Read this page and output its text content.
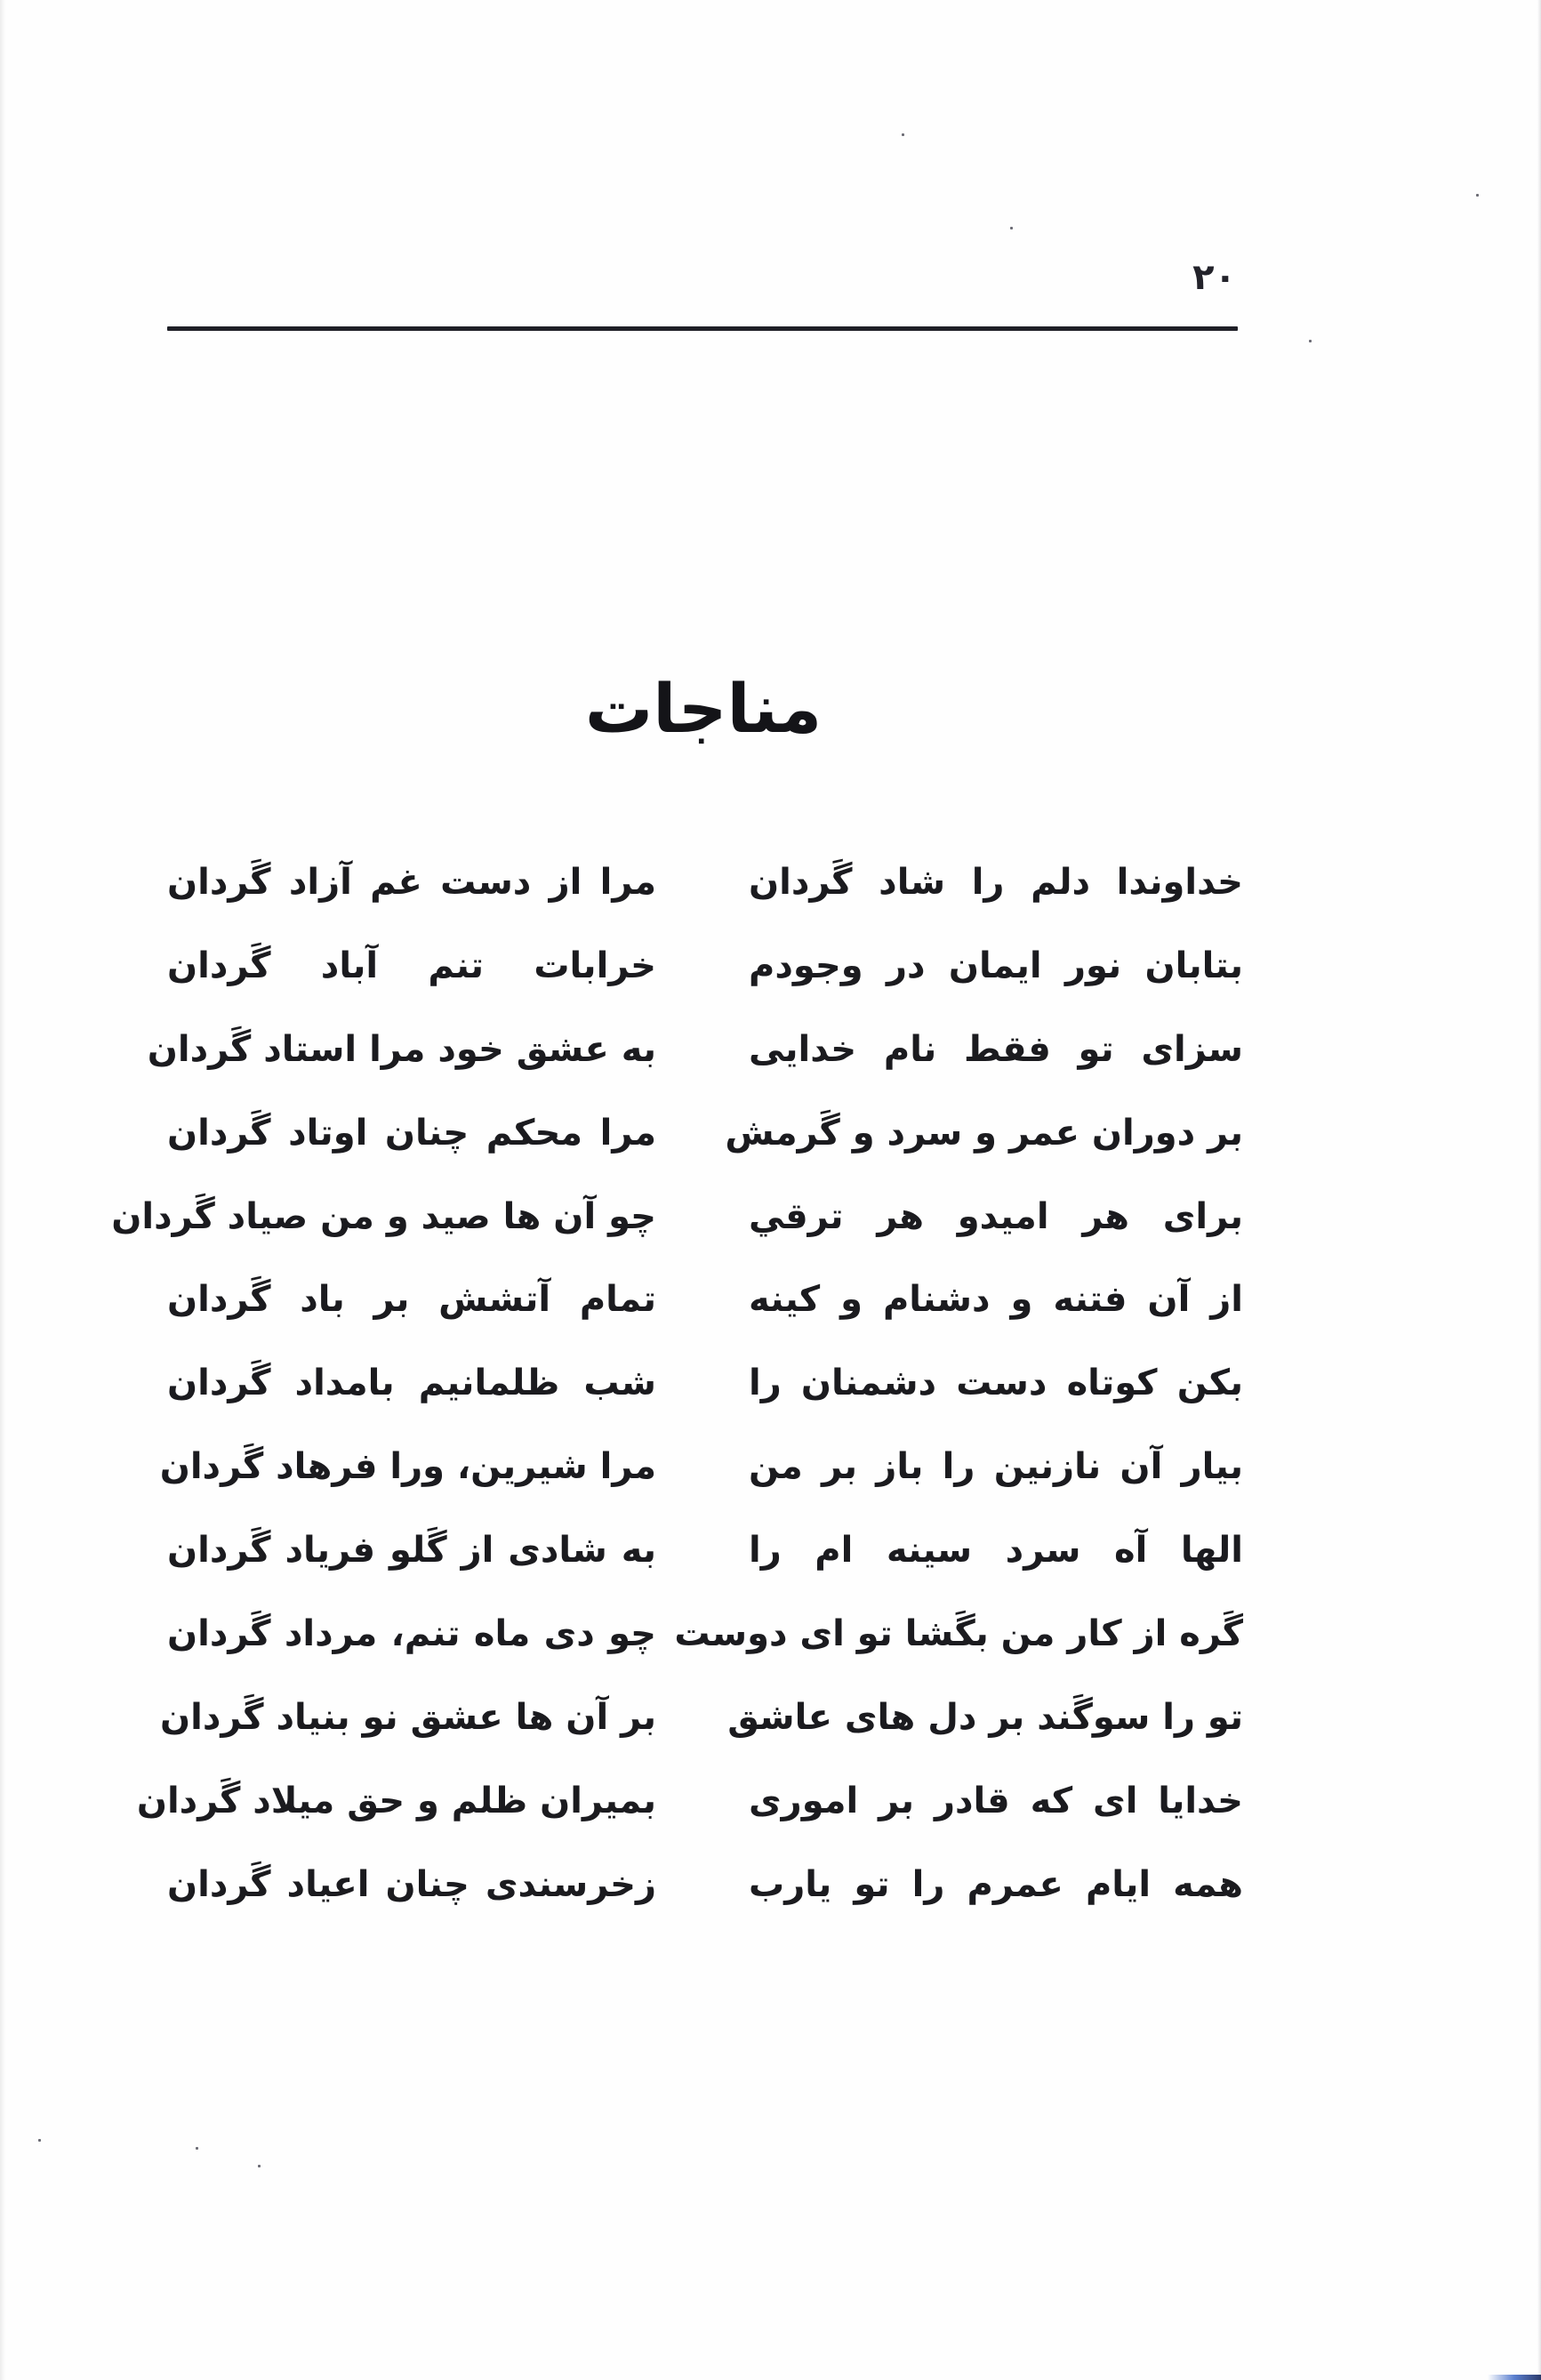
۲۰
مناجات
خداوندا دلم را شاد گَردان
بتابان نور ایمان در وجودم
سزای تو فقط نام خدایی
بر دوران عمر و سرد و گَرمش
برای هر امیدو هر ترقي
از آن فتنه و دشنام و کینه
بکن کوتاه دست دشمنان را
بیار آن نازنین را باز بر من
الها آه سرد سینه ام را
گَره از کار من بگَشا تو ای دوست
تو را سوگَند بر دل های عاشق
خدایا ای که قادر بر اموری
همه ایام عمرم را تو یارب
مرا از دست غم آزاد گَردان
خرابات تنم آباد گَردان
به عشق خود مرا استاد گَردان
مرا محکم چنان اوتاد گَردان
چو آن ها صید و من صیاد گَردان
تمام آتشش بر باد گَردان
شب ظلمانیم بامداد گَردان
مرا شیرین، ورا فرهاد گَردان
به شادی از گَلو فریاد گَردان
چو دی ماه تنم، مرداد گَردان
بر آن ها عشق نو بنیاد گَردان
بمیران ظلم و حق میلاد گَردان
زخرسندی چنان اعیاد گَردان
